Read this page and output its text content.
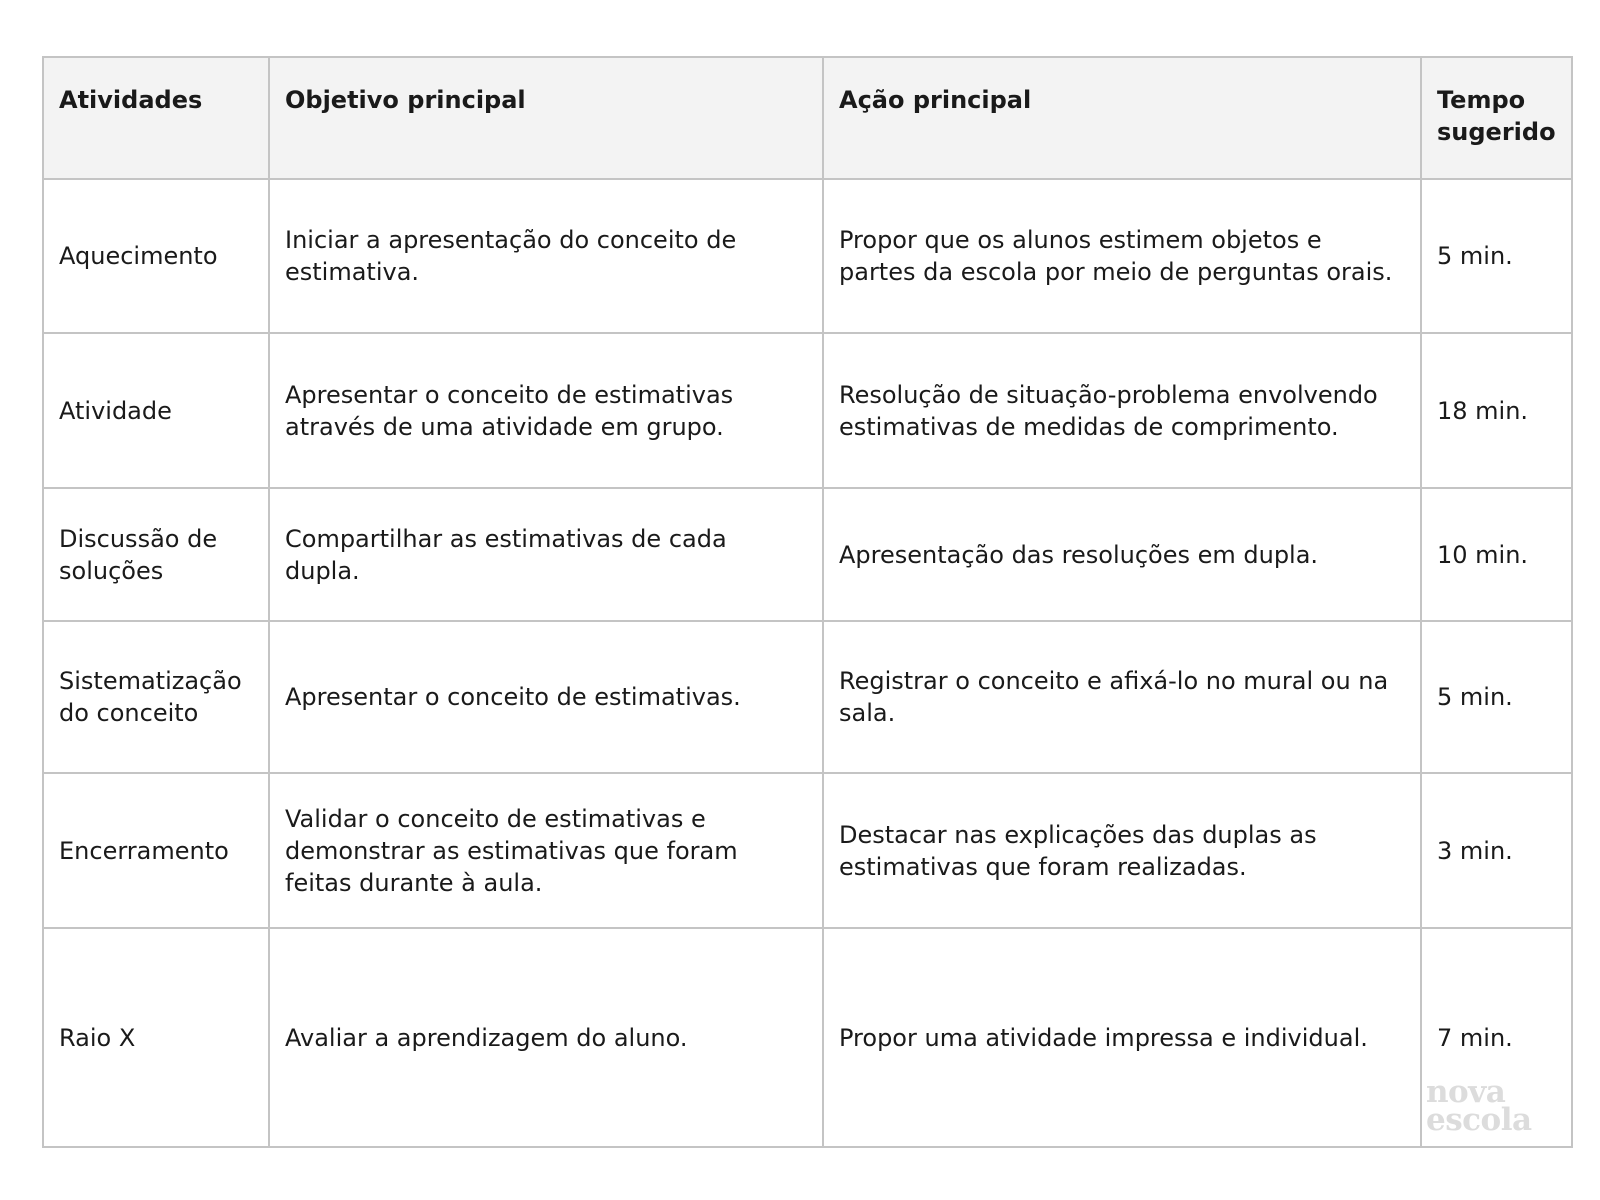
Atividades	Objetivo principal	Ação principal	Tempo sugerido
Aquecimento	Iniciar a apresentação do conceito de estimativa.	Propor que os alunos estimem objetos e partes da escola por meio de perguntas orais.	5 min.
Atividade	Apresentar o conceito de estimativas através de uma atividade em grupo.	Resolução de situação-problema envolvendo estimativas de medidas de comprimento.	18 min.
Discussão de soluções	Compartilhar as estimativas de cada dupla.	Apresentação das resoluções em dupla.	10 min.
Sistematização do conceito	Apresentar o conceito de estimativas.	Registrar o conceito e afixá-lo no mural ou na sala.	5 min.
Encerramento	Validar o conceito de estimativas e demonstrar as estimativas que foram feitas durante à aula.	Destacar nas explicações das duplas as estimativas que foram realizadas.	3 min.
Raio X	Avaliar a aprendizagem do aluno.	Propor uma atividade impressa e individual.	7 min.
nova
escola
